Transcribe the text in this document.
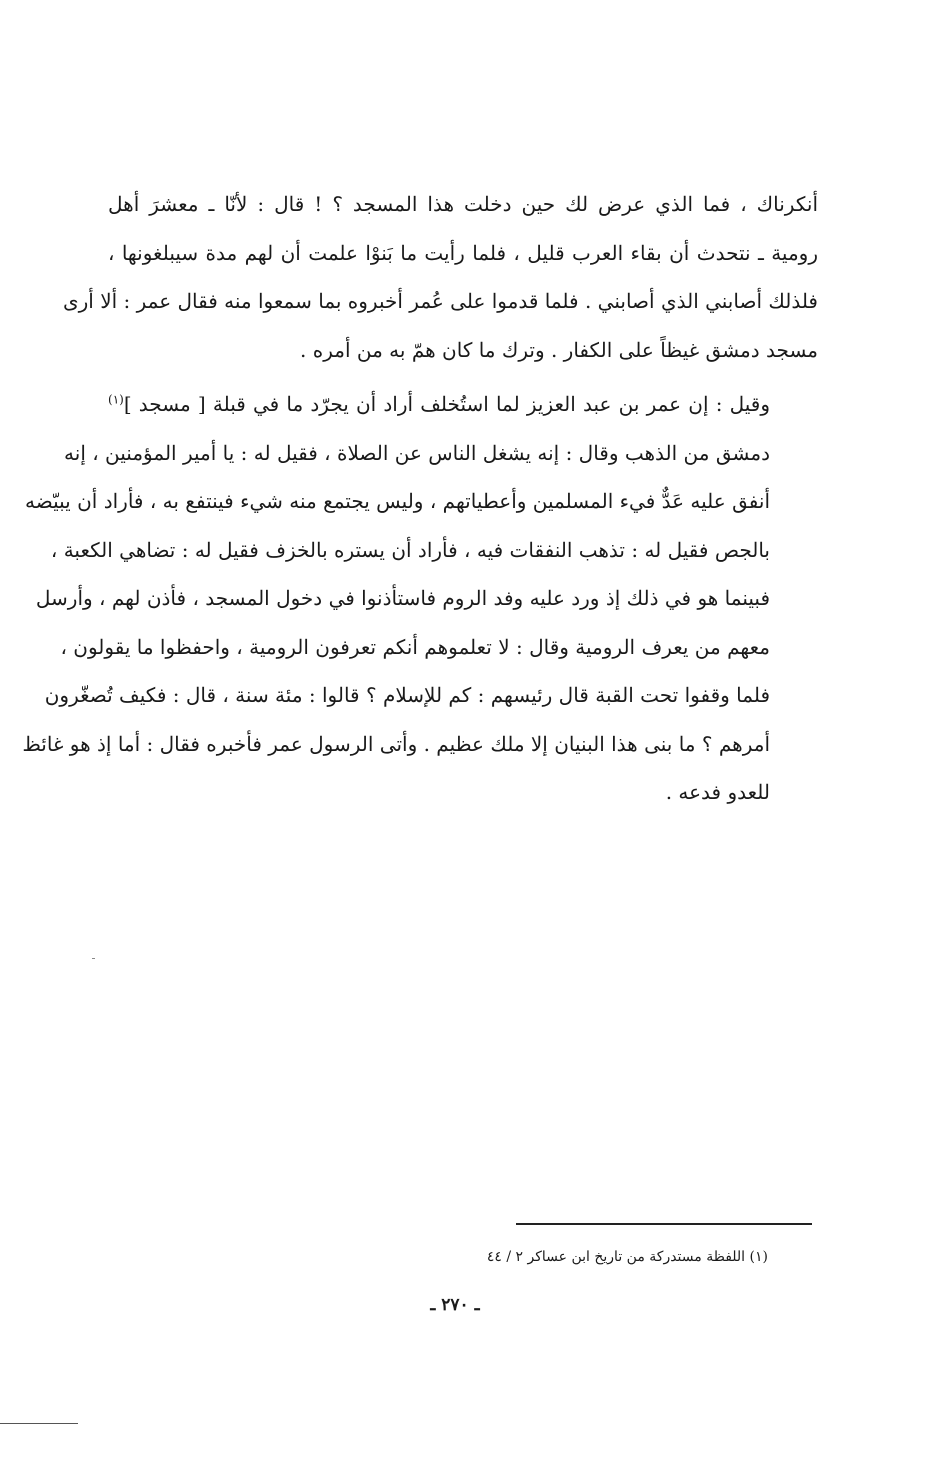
أنكرناك ، فما الذي عرض لك حين دخلت هذا المسجد ؟ ! قال : لأنّا ـ معشرَ أهل
رومية ـ نتحدث أن بقاء العرب قليل ، فلما رأيت ما بَنوْا علمت أن لهم مدة سيبلغونها ،
فلذلك أصابني الذي أصابني . فلما قدموا على عُمر أخبروه بما سمعوا منه فقال عمر : ألا أرى
مسجد دمشق غيظاً على الكفار . وترك ما كان همّ به من أمره .

وقيل : إن عمر بن عبد العزيز لما استُخلف أراد أن يجرّد ما في قبلة [ مسجد ]$^{(١)}$
دمشق من الذهب وقال : إنه يشغل الناس عن الصلاة ، فقيل له : يا أمير المؤمنين ، إنه
أنفق عليه عَدٌّ فيء المسلمين وأعطياتهم ، وليس يجتمع منه شيء فينتفع به ، فأراد أن يبيّضه
بالجص فقيل له : تذهب النفقات فيه ، فأراد أن يستره بالخزف فقيل له : تضاهي الكعبة ،
فبينما هو في ذلك إذ ورد عليه وفد الروم فاستأذنوا في دخول المسجد ، فأذن لهم ، وأرسل
معهم من يعرف الرومية وقال : لا تعلموهم أنكم تعرفون الرومية ، واحفظوا ما يقولون ،
فلما وقفوا تحت القبة قال رئيسهم : كم للإسلام ؟ قالوا : مئة سنة ، قال : فكيف تُصغّرون
أمرهم ؟ ما بنى هذا البنيان إلا ملك عظيم . وأتى الرسول عمر فأخبره فقال : أما إذ هو غائظ
للعدو فدعه .

(١) اللفظة مستدركة من تاريخ ابن عساكر ٢ / ٤٤
ـ ٢٧٠ ـ
